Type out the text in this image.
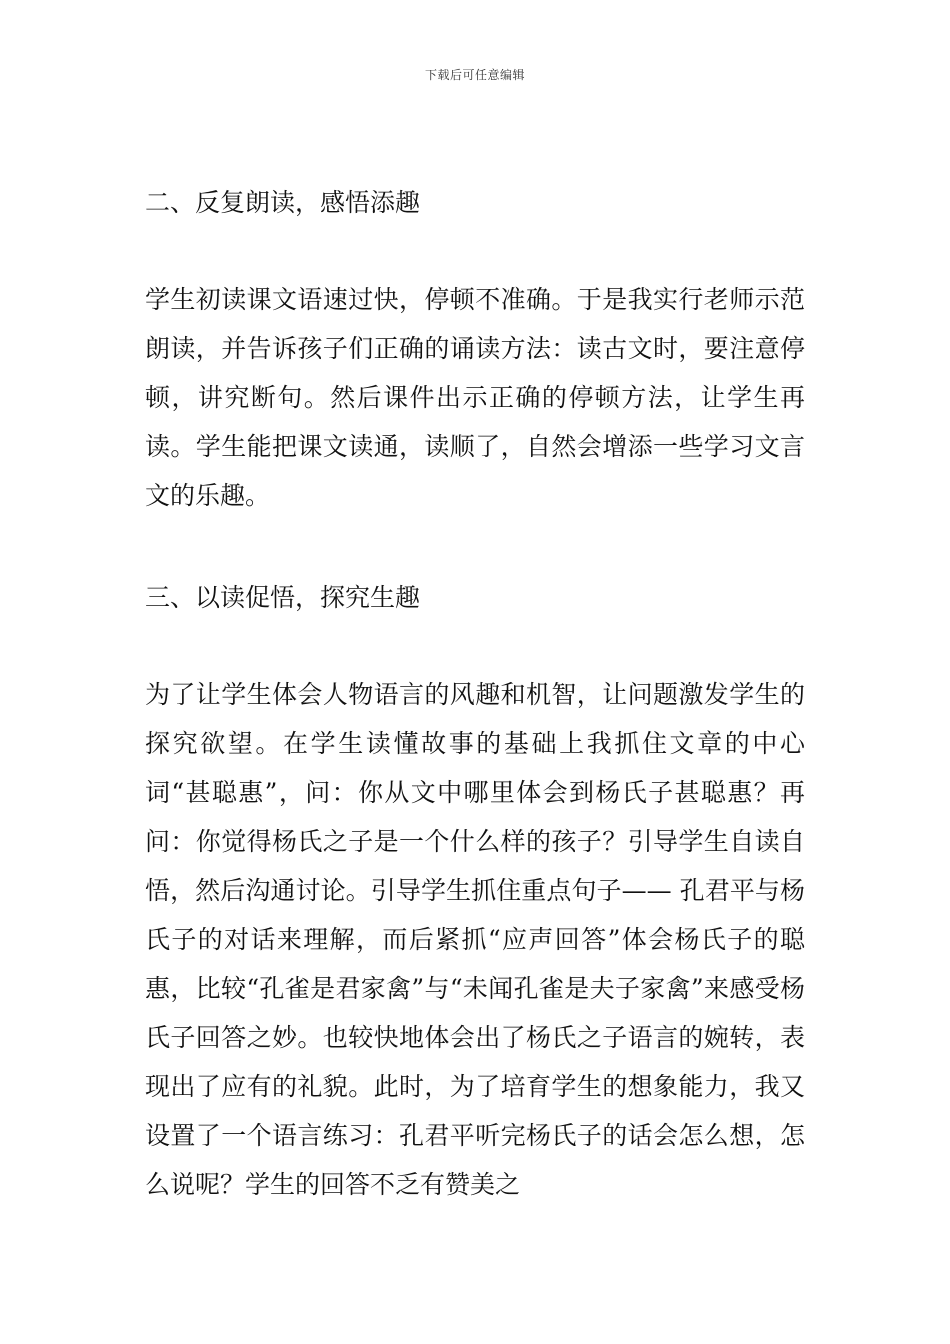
下载后可任意编辑

二、反复朗读，感悟添趣

学生初读课文语速过快，停顿不准确。于是我实行老师示范朗读，并告诉孩子们正确的诵读方法：读古文时，要注意停顿，讲究断句。然后课件出示正确的停顿方法，让学生再读。学生能把课文读通，读顺了，自然会增添一些学习文言文的乐趣。

三、以读促悟，探究生趣

为了让学生体会人物语言的风趣和机智，让问题激发学生的探究欲望。在学生读懂故事的基础上我抓住文章的中心词“甚聪惠”，问：你从文中哪里体会到杨氏子甚聪惠？再问：你觉得杨氏之子是一个什么样的孩子？引导学生自读自悟，然后沟通讨论。引导学生抓住重点句子—— 孔君平与杨氏子的对话来理解，而后紧抓“应声回答”体会杨氏子的聪惠，比较“孔雀是君家禽”与“未闻孔雀是夫子家禽”来感受杨氏子回答之妙。也较快地体会出了杨氏之子语言的婉转，表现出了应有的礼貌。此时，为了培育学生的想象能力，我又设置了一个语言练习：孔君平听完杨氏子的话会怎么想，怎么说呢？学生的回答不乏有赞美之
